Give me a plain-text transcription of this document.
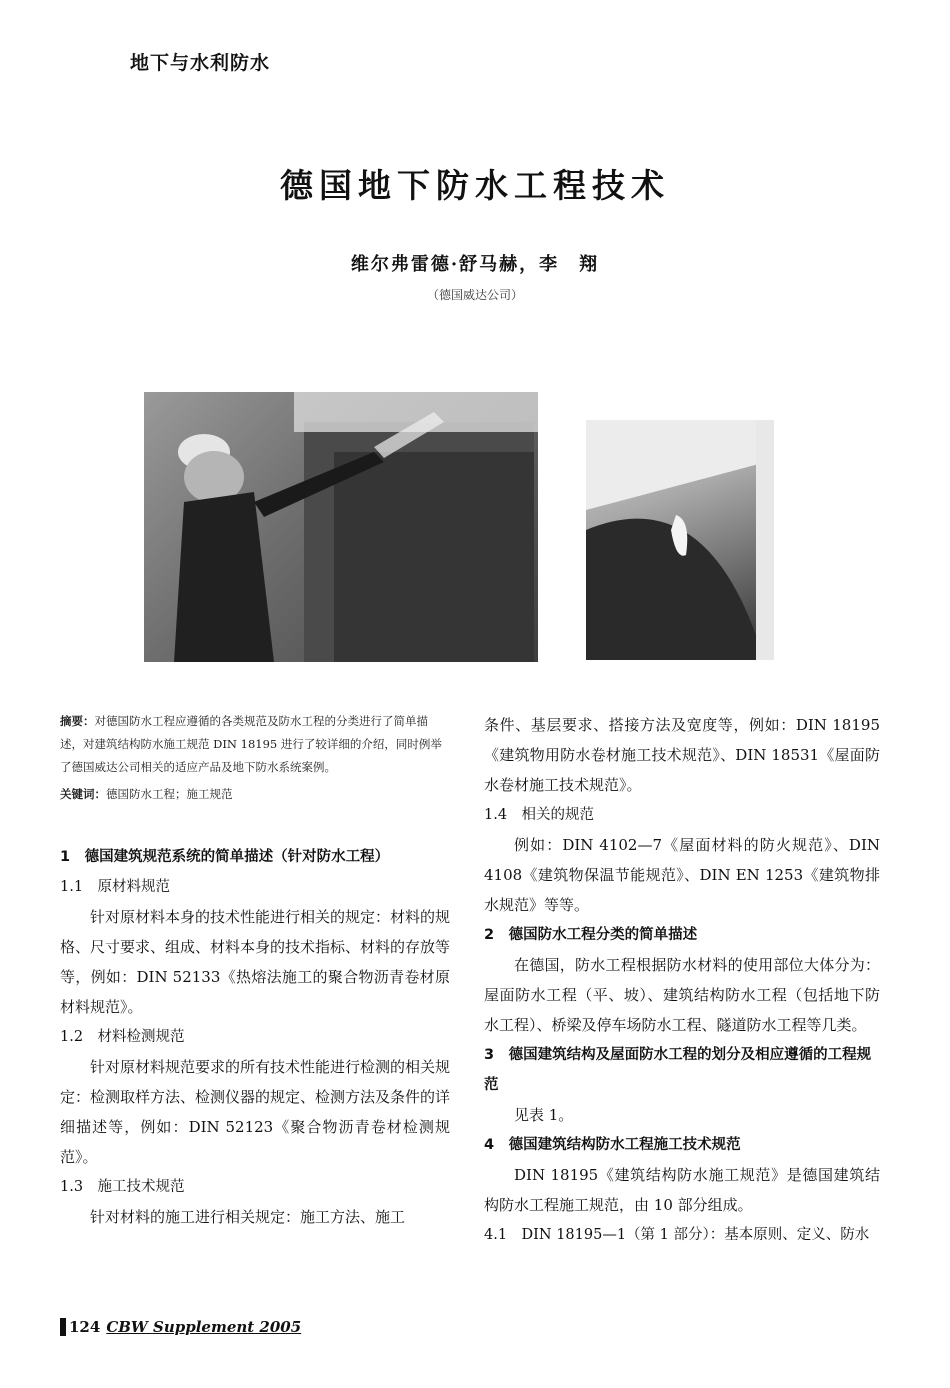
地下与水利防水
德国地下防水工程技术
维尔弗雷德·舒马赫，李　翔
（德国威达公司）
摘要：对德国防水工程应遵循的各类规范及防水工程的分类进行了简单描述，对建筑结构防水施工规范 DIN 18195 进行了较详细的介绍，同时例举了德国威达公司相关的适应产品及地下防水系统案例。
关键词：德国防水工程；施工规范
1　德国建筑规范系统的简单描述（针对防水工程）
1.1　原材料规范
针对原材料本身的技术性能进行相关的规定：材料的规格、尺寸要求、组成、材料本身的技术指标、材料的存放等等，例如：DIN 52133《热熔法施工的聚合物沥青卷材原材料规范》。
1.2　材料检测规范
针对原材料规范要求的所有技术性能进行检测的相关规定：检测取样方法、检测仪器的规定、检测方法及条件的详细描述等，例如：DIN 52123《聚合物沥青卷材检测规范》。
1.3　施工技术规范
针对材料的施工进行相关规定：施工方法、施工
条件、基层要求、搭接方法及宽度等，例如：DIN 18195《建筑物用防水卷材施工技术规范》、DIN 18531《屋面防水卷材施工技术规范》。
1.4　相关的规范
例如：DIN 4102—7《屋面材料的防火规范》、DIN 4108《建筑物保温节能规范》、DIN EN 1253《建筑物排水规范》等等。
2　德国防水工程分类的简单描述
在德国，防水工程根据防水材料的使用部位大体分为：屋面防水工程（平、坡）、建筑结构防水工程（包括地下防水工程）、桥梁及停车场防水工程、隧道防水工程等几类。
3　德国建筑结构及屋面防水工程的划分及相应遵循的工程规范
见表 1。
4　德国建筑结构防水工程施工技术规范
DIN 18195《建筑结构防水施工规范》是德国建筑结构防水工程施工规范，由 10 部分组成。
4.1　DIN 18195—1（第 1 部分）：基本原则、定义、防水
124 CBW Supplement 2005
